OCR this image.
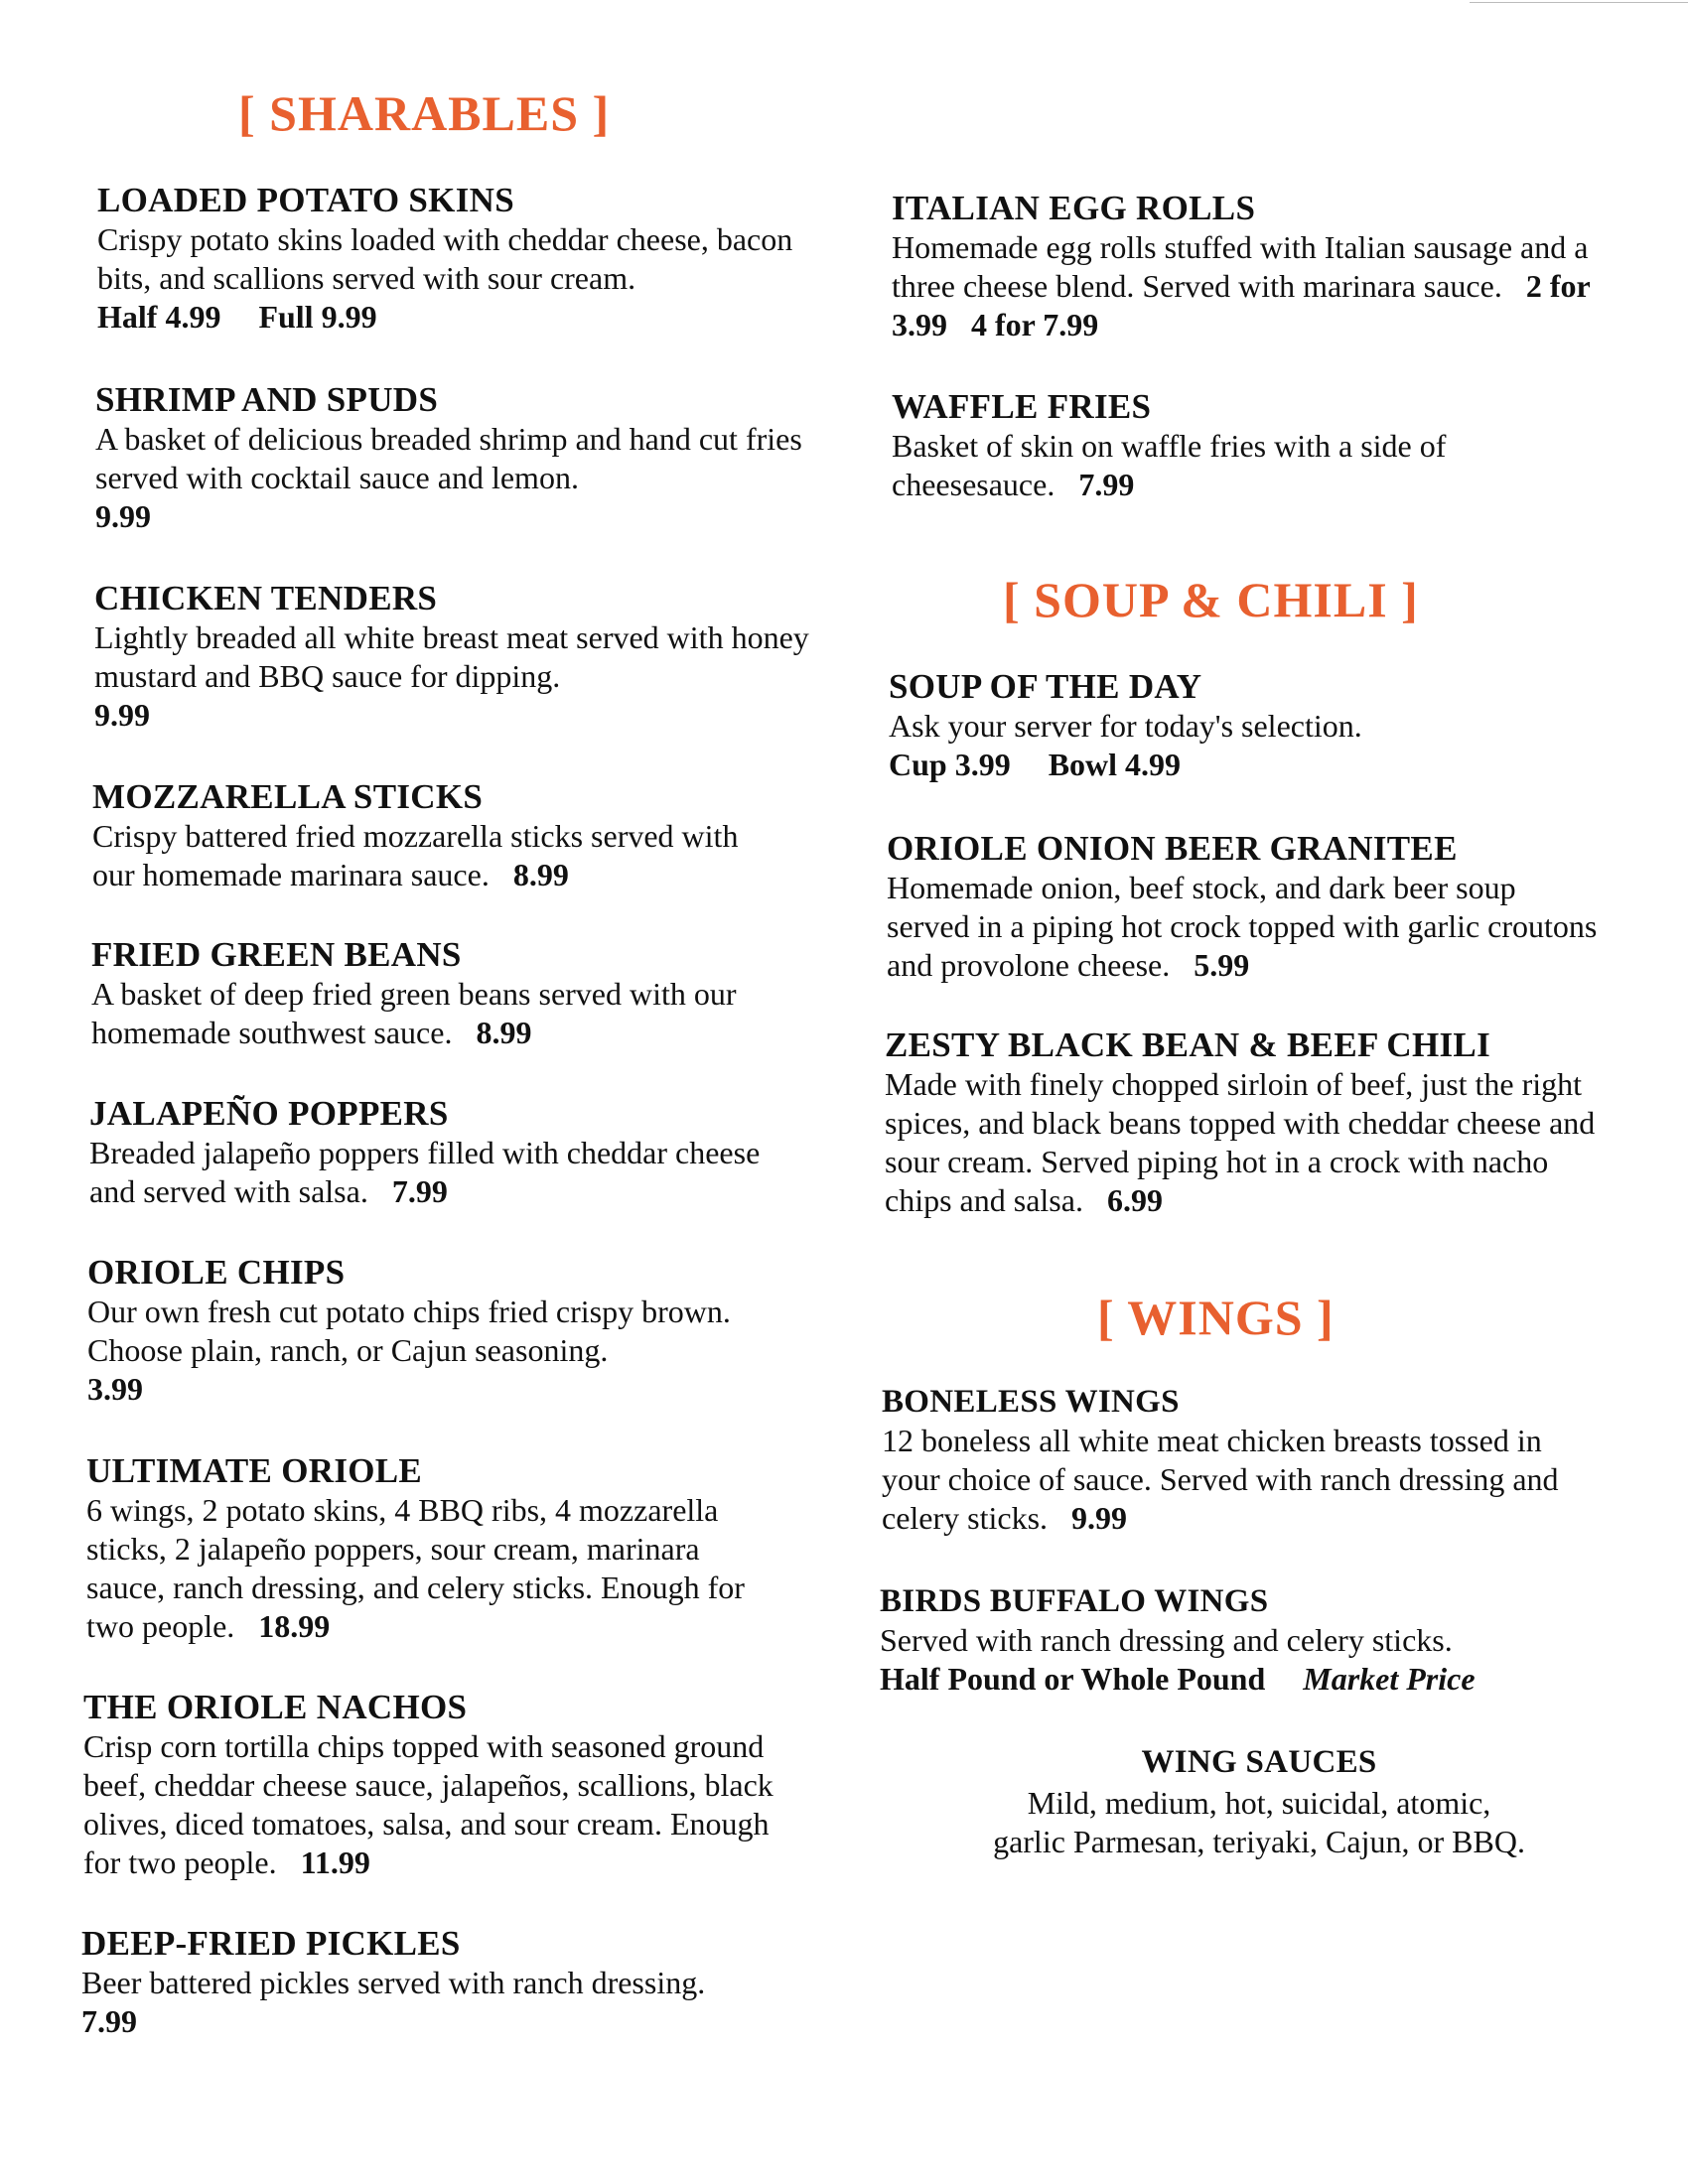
[ SHARABLES ]

LOADED POTATO SKINS

Crispy potato skins loaded with cheddar cheese, bacon bits, and scallions served with sour cream.

Half 4.99 Full 9.99

SHRIMP AND SPUDS

A basket of delicious breaded shrimp and hand cut fries served with cocktail sauce and lemon.

9.99

CHICKEN TENDERS

Lightly breaded all white breast meat served with honey mustard and BBQ sauce for dipping.

9.99

MOZZARELLA STICKS

Crispy battered fried mozzarella sticks served with our homemade marinara sauce. 8.99

FRIED GREEN BEANS

A basket of deep fried green beans served with our homemade southwest sauce. 8.99

JALAPEÑO POPPERS

Breaded jalapeño poppers filled with cheddar cheese and served with salsa. 7.99

ORIOLE CHIPS

Our own fresh cut potato chips fried crispy brown. Choose plain, ranch, or Cajun seasoning.

3.99

ULTIMATE ORIOLE

6 wings, 2 potato skins, 4 BBQ ribs, 4 mozzarella sticks, 2 jalapeño poppers, sour cream, marinara sauce, ranch dressing, and celery sticks. Enough for two people. 18.99

THE ORIOLE NACHOS

Crisp corn tortilla chips topped with seasoned ground beef, cheddar cheese sauce, jalapeños, scallions, black olives, diced tomatoes, salsa, and sour cream. Enough for two people. 11.99

DEEP-FRIED PICKLES

Beer battered pickles served with ranch dressing.

7.99

ITALIAN EGG ROLLS

Homemade egg rolls stuffed with Italian sausage and a three cheese blend. Served with marinara sauce. 2 for 3.99 4 for 7.99

WAFFLE FRIES

Basket of skin on waffle fries with a side of cheesesauce. 7.99

[ SOUP & CHILI ]

SOUP OF THE DAY

Ask your server for today's selection.

Cup 3.99 Bowl 4.99

ORIOLE ONION BEER GRANITEE

Homemade onion, beef stock, and dark beer soup served in a piping hot crock topped with garlic croutons and provolone cheese. 5.99

ZESTY BLACK BEAN & BEEF CHILI

Made with finely chopped sirloin of beef, just the right spices, and black beans topped with cheddar cheese and sour cream. Served piping hot in a crock with nacho chips and salsa. 6.99

[ WINGS ]

BONELESS WINGS

12 boneless all white meat chicken breasts tossed in your choice of sauce. Served with ranch dressing and celery sticks. 9.99

BIRDS BUFFALO WINGS

Served with ranch dressing and celery sticks.

Half Pound or Whole Pound Market Price

WING SAUCES

Mild, medium, hot, suicidal, atomic,

garlic Parmesan, teriyaki, Cajun, or BBQ.
